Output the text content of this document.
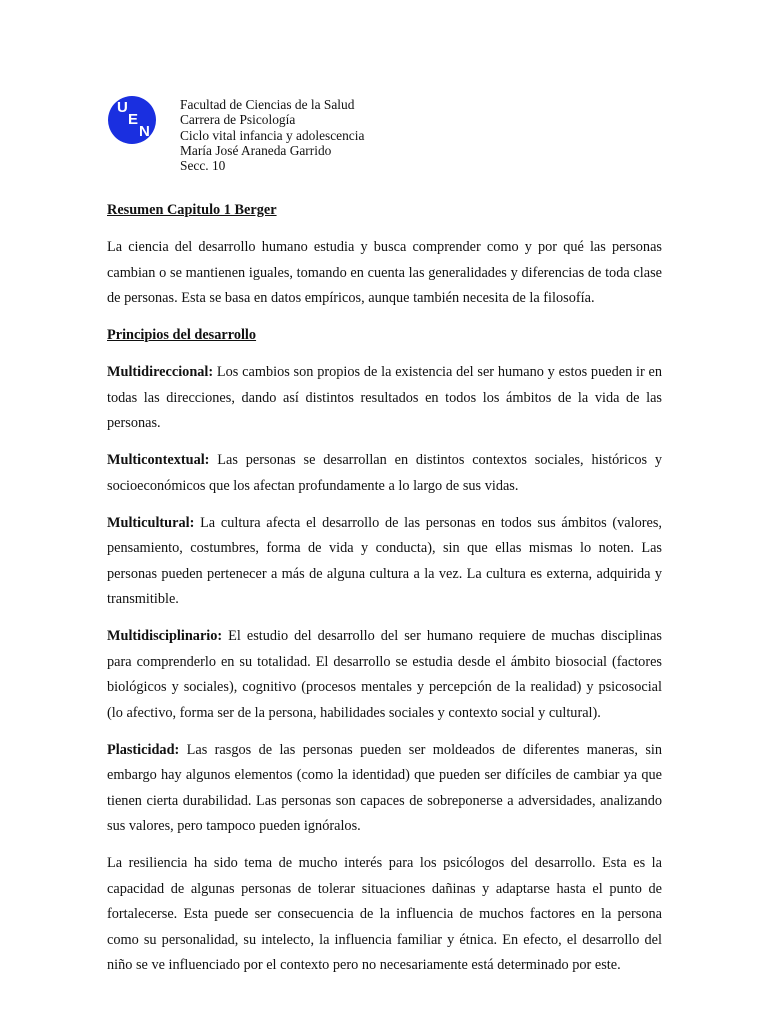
U
E
N
Facultad de Ciencias de la Salud
Carrera de Psicología
Ciclo vital infancia y adolescencia
María José Araneda Garrido
Secc. 10
Resumen Capitulo 1 Berger

La ciencia del desarrollo humano estudia y busca comprender como y por qué las personas cambian o se mantienen iguales, tomando en cuenta las generalidades y diferencias de toda clase de personas. Esta se basa en datos empíricos, aunque también necesita de la filosofía.

Principios del desarrollo

Multidireccional: Los cambios son propios de la existencia del ser humano y estos pueden ir en todas las direcciones, dando así distintos resultados en todos los ámbitos de la vida de las personas.

Multicontextual: Las personas se desarrollan en distintos contextos sociales, históricos y socioeconómicos que los afectan profundamente a lo largo de sus vidas.

Multicultural: La cultura afecta el desarrollo de las personas en todos sus ámbitos (valores, pensamiento, costumbres, forma de vida y conducta), sin que ellas mismas lo noten. Las personas pueden pertenecer a más de alguna cultura a la vez. La cultura es externa, adquirida y transmitible.

Multidisciplinario: El estudio del desarrollo del ser humano requiere de muchas disciplinas para comprenderlo en su totalidad. El desarrollo se estudia desde el ámbito biosocial (factores biológicos y sociales), cognitivo (procesos mentales y percepción de la realidad) y psicosocial (lo afectivo, forma ser de la persona, habilidades sociales y contexto social y cultural).

Plasticidad: Las rasgos de las personas pueden ser moldeados de diferentes maneras, sin embargo hay algunos elementos (como la identidad) que pueden ser difíciles de cambiar ya que tienen cierta durabilidad. Las personas son capaces de sobreponerse a adversidades, analizando sus valores, pero tampoco pueden ignóralos.

La resiliencia ha sido tema de mucho interés para los psicólogos del desarrollo. Esta es la capacidad de algunas personas de tolerar situaciones dañinas y adaptarse hasta el punto de fortalecerse. Esta puede ser consecuencia de la influencia de muchos factores en la persona como su personalidad, su intelecto, la influencia familiar y étnica. En efecto, el desarrollo del niño se ve influenciado por el contexto pero no necesariamente está determinado por este.
